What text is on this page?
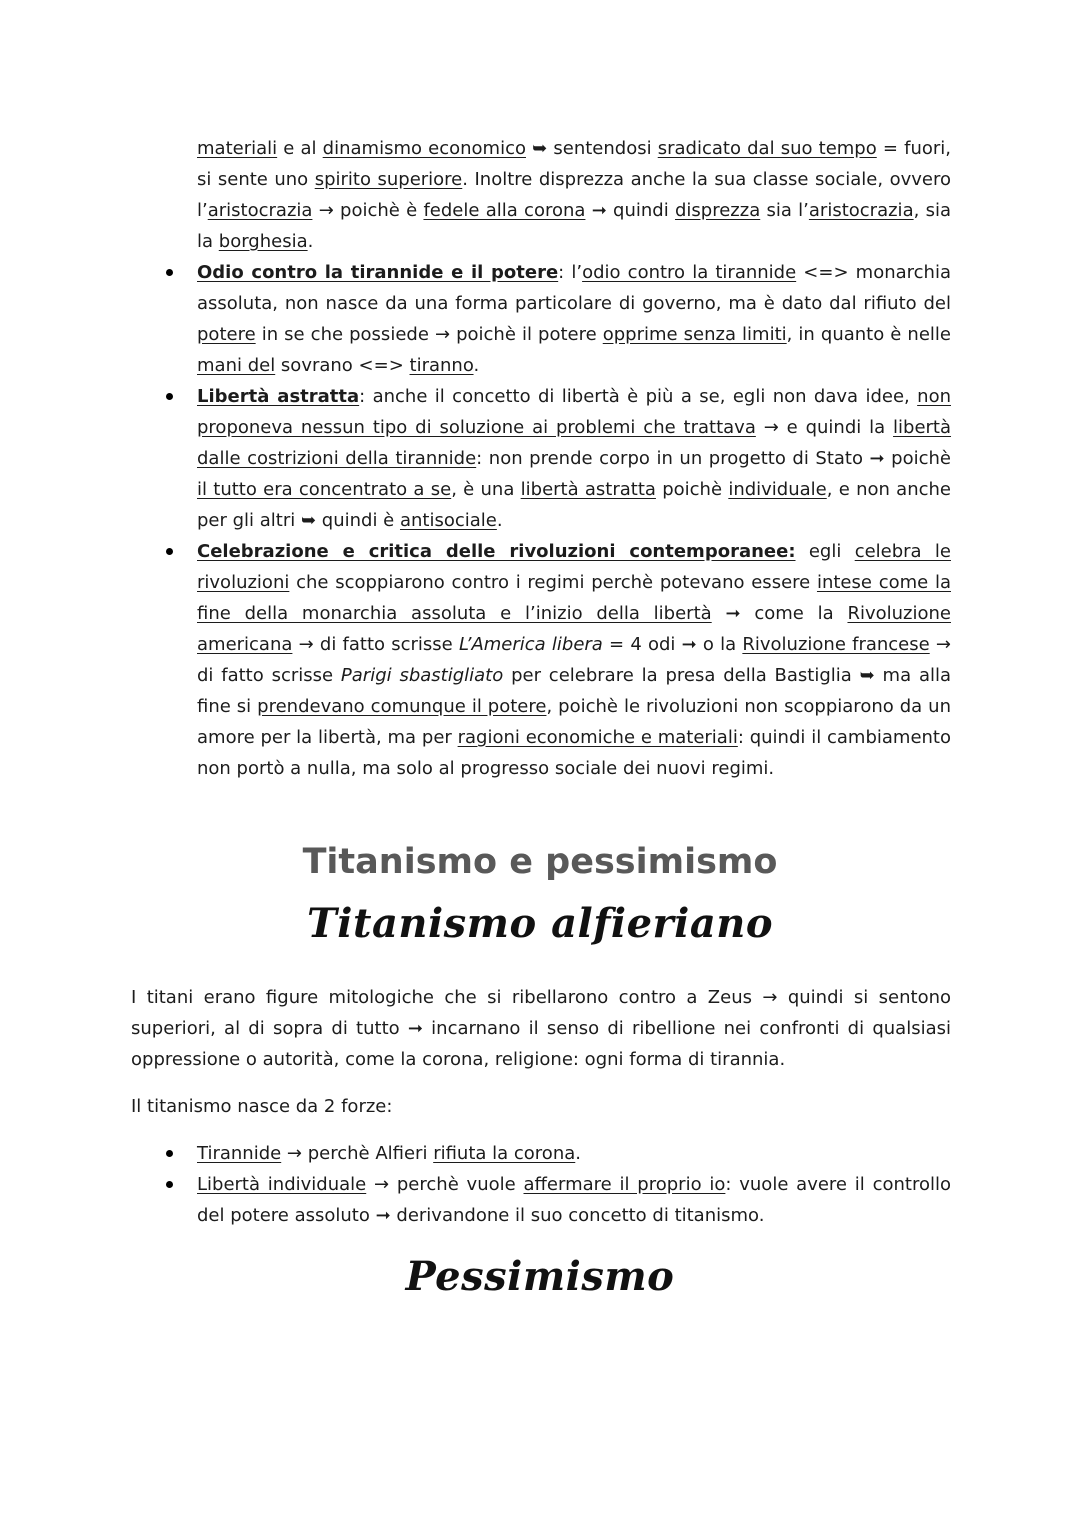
materiali e al dinamismo economico ➥ sentendosi sradicato dal suo tempo = fuori, si sente uno spirito superiore. Inoltre disprezza anche la sua classe sociale, ovvero l’aristocrazia → poichè è fedele alla corona ➞ quindi disprezza sia l’aristocrazia, sia la borghesia.

Odio contro la tirannide e il potere: l’odio contro la tirannide <=> monarchia assoluta, non nasce da una forma particolare di governo, ma è dato dal rifiuto del potere in se che possiede → poichè il potere opprime senza limiti, in quanto è nelle mani del sovrano <=> tiranno.
Libertà astratta: anche il concetto di libertà è più a se, egli non dava idee, non proponeva nessun tipo di soluzione ai problemi che trattava → e quindi la libertà dalle costrizioni della tirannide: non prende corpo in un progetto di Stato ➞ poichè il tutto era concentrato a se, è una libertà astratta poichè individuale, e non anche per gli altri ➥ quindi è antisociale.
Celebrazione e critica delle rivoluzioni contemporanee: egli celebra le rivoluzioni che scoppiarono contro i regimi perchè potevano essere intese come la fine della monarchia assoluta e l’inizio della libertà ➞ come la Rivoluzione americana → di fatto scrisse L’America libera = 4 odi ➞ o la Rivoluzione francese → di fatto scrisse Parigi sbastigliato per celebrare la presa della Bastiglia ➥ ma alla fine si prendevano comunque il potere, poichè le rivoluzioni non scoppiarono da un amore per la libertà, ma per ragioni economiche e materiali: quindi il cambiamento non portò a nulla, ma solo al progresso sociale dei nuovi regimi.
Titanismo e pessimismo
Titanismo alfieriano

I titani erano figure mitologiche che si ribellarono contro a Zeus → quindi si sentono superiori, al di sopra di tutto ➞ incarnano il senso di ribellione nei confronti di qualsiasi oppressione o autorità, come la corona, religione: ogni forma di tirannia.

Il titanismo nasce da 2 forze:

Tirannide → perchè Alfieri rifiuta la corona.
Libertà individuale → perchè vuole affermare il proprio io: vuole avere il controllo del potere assoluto ➞ derivandone il suo concetto di titanismo.
Pessimismo
